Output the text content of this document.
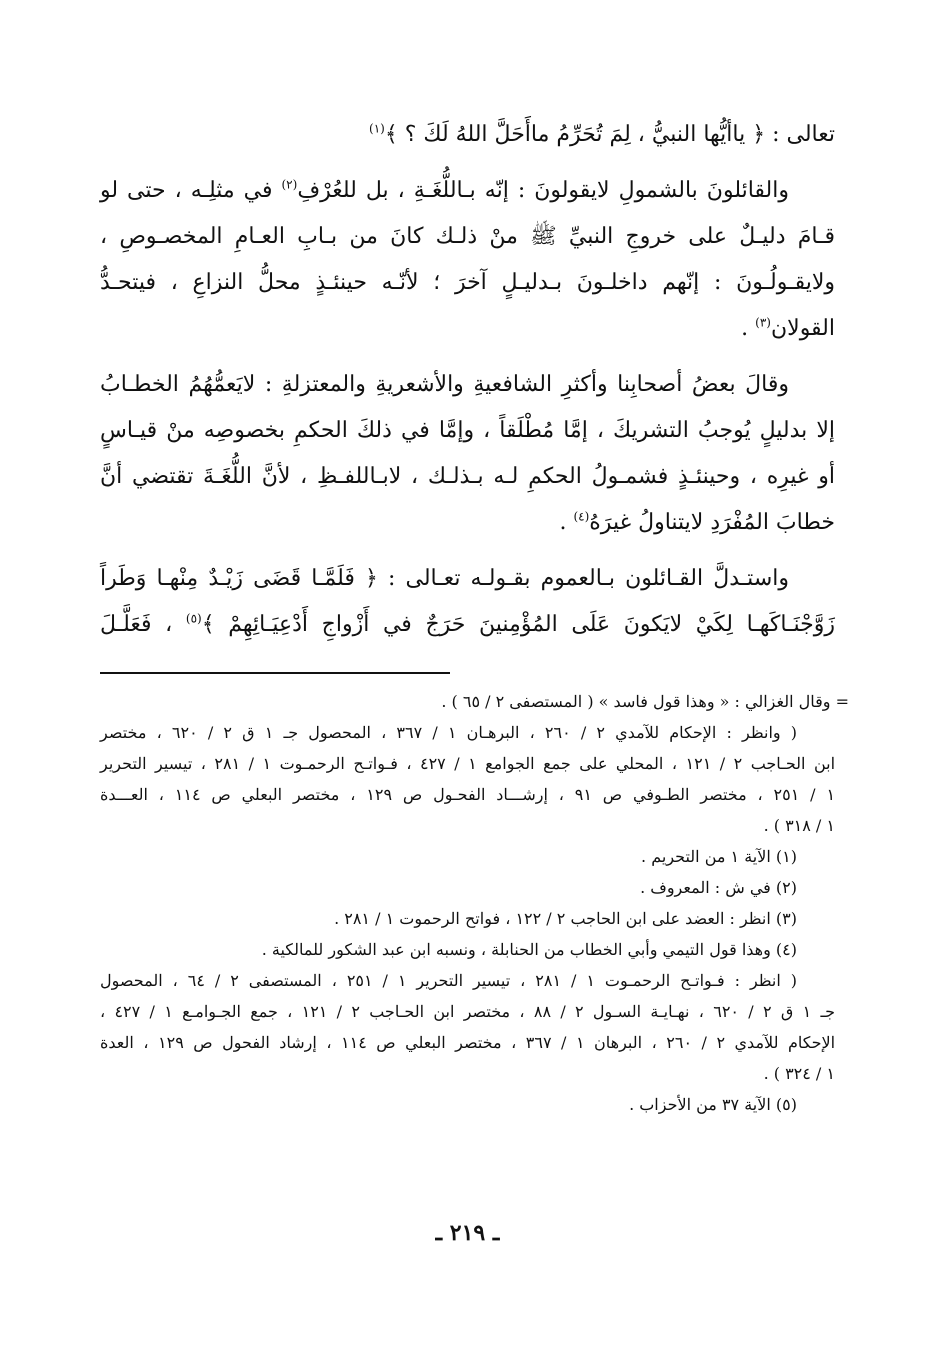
تعالى : ﴿ ياأيُّها النبيُّ ، لِمَ تُحَرِّمُ ماأَحَلَّ اللهُ لَكَ ؟ ﴾$^{(١)}$

والقائلونَ بالشمولِ لايقولونَ : إنّه بـاللُّغَـةِ ، بل للعُرْفِ$^{(٢)}$ في مثلِـه ، حتى لو
قـامَ دليـلٌ على خروجِ النبيِّ ﷺ منْ ذلـك كانَ من بـابِ العـامِ المخصـوصِ ،
ولايقـولُـونَ : إنّهم داخلـونَ بـدليـلٍ آخرَ ؛ لأنّـه حينئـذٍ محلُّ النزاعِ ، فيتحـدُّ
القولان$^{(٣)}$ .

وقالَ بعضُ أصحابِنا وأكثرِ الشافعيةِ والأشعريةِ والمعتزلةِ : لايَعمُّهُمُ الخطـابُ
إلا بدليلٍ يُوجبُ التشريكَ ، إمَّا مُطْلَقاً ، وإمَّا في ذلكَ الحكمِ بخصوصِه منْ قيـاسٍ
أو غيرِه ، وحينئـذٍ فشمـولُ الحكمِ لـه بـذلـك ، لابـاللفـظِ ، لأنَّ اللُّغَـةَ تقتضي أنَّ
خطابَ المُفْرَدِ لايتناولُ غيرَهُ$^{(٤)}$ .

واستـدلَّ القـائلون بـالعموم بقـولـه تعـالى : ﴿ فَلَمَّـا قَضَى زَيْـدٌ مِنْهـا وَطَراً
زَوَّجْنَـاكَهـا لِكَيْ لايَكونَ عَلَى المُؤْمِنينَ حَرَجٌ في أَزْواجِ أَدْعِيَـائِهِمْ ﴾$^{(٥)}$ ، فَعَلَّـلَ

= وقال الغزالي : « وهذا قول فاسد » ( المستصفى ٢ / ٦٥ ) .
( وانظر : الإحكام للآمدي ٢ / ٢٦٠ ، البرهـان ١ / ٣٦٧ ، المحصول جـ ١ ق ٢ / ٦٢٠ ، مختصر
ابن الحـاجب ٢ / ١٢١ ، المحلي على جمع الجوامع ١ / ٤٢٧ ، فـواتـح الرحمـوت ١ / ٢٨١ ، تيسير التحرير
١ / ٢٥١ ، مختصر الطـوفي ص ٩١ ، إرشـــاد الفحـول ص ١٢٩ ، مختصر البعلي ص ١١٤ ، العـــدة
١ / ٣١٨ ) .
(١) الآية ١ من التحريم .
(٢) في ش : المعروف .
(٣) انظر : العضد على ابن الحاجب ٢ / ١٢٢ ، فواتح الرحموت ١ / ٢٨١ .
(٤) وهذا قول التيمي وأبي الخطاب من الحنابلة ، ونسبه ابن عبد الشكور للمالكية .
( انظر : فـواتـح الرحمـوت ١ / ٢٨١ ، تيسير التحرير ١ / ٢٥١ ، المستصفى ٢ / ٦٤ ، المحصول
جـ ١ ق ٢ / ٦٢٠ ، نهـايـة السـول ٢ / ٨٨ ، مختصر ابن الحـاجب ٢ / ١٢١ ، جمع الجـوامـع ١ / ٤٢٧ ،
الإحكام للآمدي ٢ / ٢٦٠ ، البرهان ١ / ٣٦٧ ، مختصر البعلي ص ١١٤ ، إرشاد الفحول ص ١٢٩ ، العدة
١ / ٣٢٤ ) .
(٥) الآية ٣٧ من الأحزاب .
ـ ٢١٩ ـ
